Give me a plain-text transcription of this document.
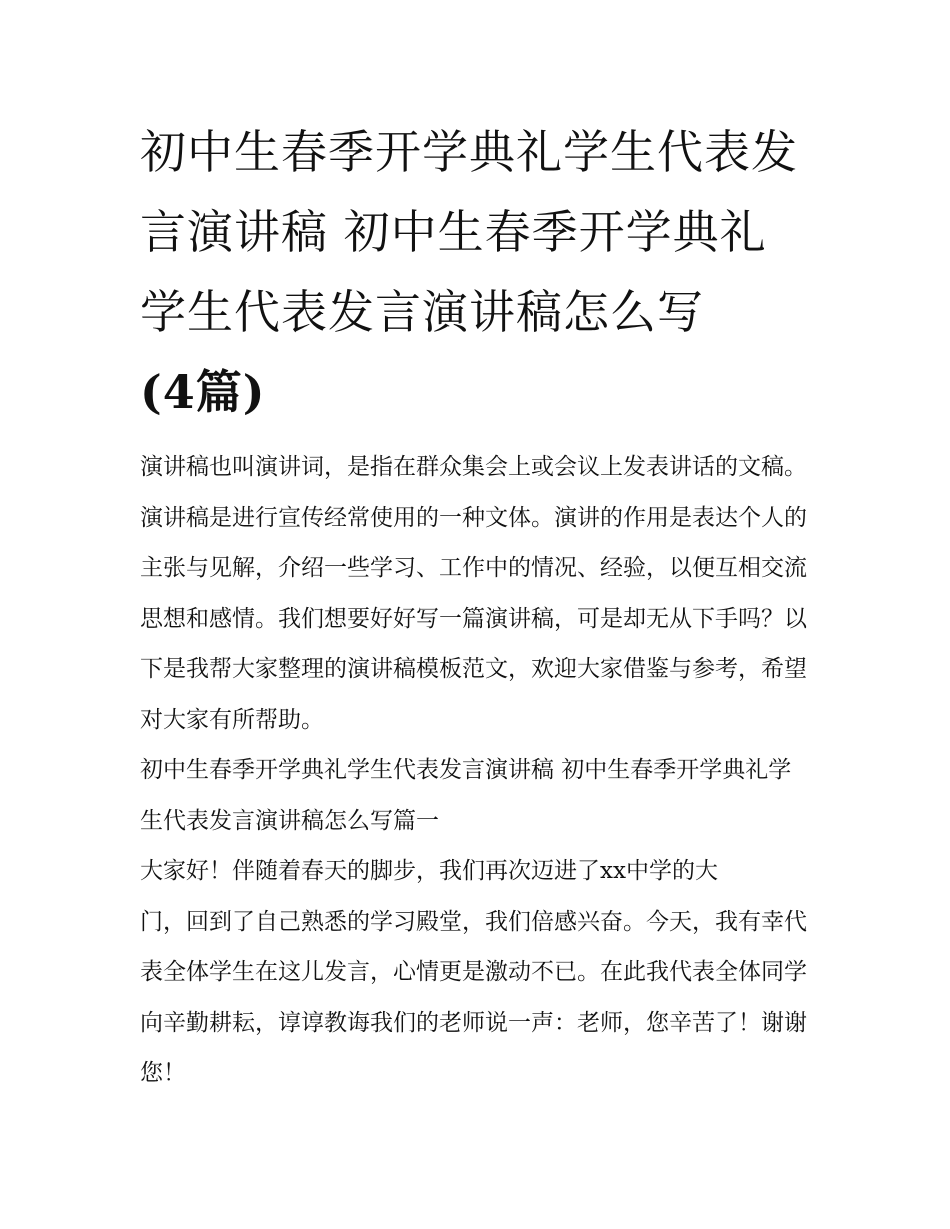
初中生春季开学典礼学生代表发言演讲稿 初中生春季开学典礼学生代表发言演讲稿怎么写
(4篇)

演讲稿也叫演讲词，是指在群众集会上或会议上发表讲话的文稿。演讲稿是进行宣传经常使用的一种文体。演讲的作用是表达个人的主张与见解，介绍一些学习、工作中的情况、经验，以便互相交流思想和感情。我们想要好好写一篇演讲稿，可是却无从下手吗？以下是我帮大家整理的演讲稿模板范文，欢迎大家借鉴与参考，希望对大家有所帮助。

初中生春季开学典礼学生代表发言演讲稿 初中生春季开学典礼学生代表发言演讲稿怎么写篇一

大家好！伴随着春天的脚步，我们再次迈进了xx中学的大

门，回到了自己熟悉的学习殿堂，我们倍感兴奋。今天，我有幸代表全体学生在这儿发言，心情更是激动不已。在此我代表全体同学向辛勤耕耘，谆谆教诲我们的老师说一声：老师，您辛苦了！谢谢您！
